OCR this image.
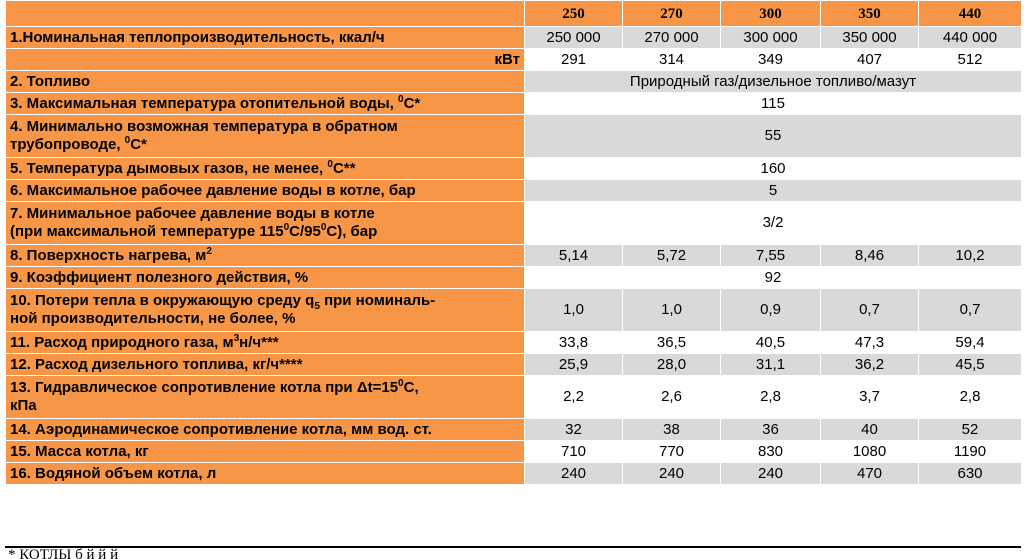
	250	270	300	350	440
1.Номинальная теплопроизводительность, ккал/ч	250 000	270 000	300 000	350 000	440 000
кВт	291	314	349	407	512
2. Топливо	Природный газ/дизельное топливо/мазут				
3. Максимальная температура отопительной воды, $^0$С*	115				
4. Минимально возможная температура в обратном
трубопроводе, $^0$С*	55				
5. Температура дымовых газов, не менее, $^0$С**	160				
6. Максимальное рабочее давление воды в котле, бар	5				
7. Минимальное рабочее давление воды в котле
(при максимальной температуре $115^0С/95^0С$), бар	3/2				
8. Поверхность нагрева, $м^2$	5,14	5,72	7,55	8,46	10,2
9. Коэффициент полезного действия, %	92				
10. Потери тепла в окружающую среду $q_5$ при номиналь-
ной производительности, не более, %	1,0	1,0	0,9	0,7	0,7
11. Расход природного газа, $м^3н/ч***$	33,8	36,5	40,5	47,3	59,4
12. Расход дизельного топлива, кг/ч****	25,9	28,0	31,1	36,2	45,5
13. Гидравлическое сопротивление котла при $\Delta t=15^0С$,
кПа	2,2	2,6	2,8	3,7	2,8
14. Аэродинамическое сопротивление котла, мм вод. ст.	32	38	36	40	52
15. Масса котла, кг	710	770	830	1080	1190
16. Водяной объем котла, л	240	240	240	470	630
* КОТЛЫ б й й й
